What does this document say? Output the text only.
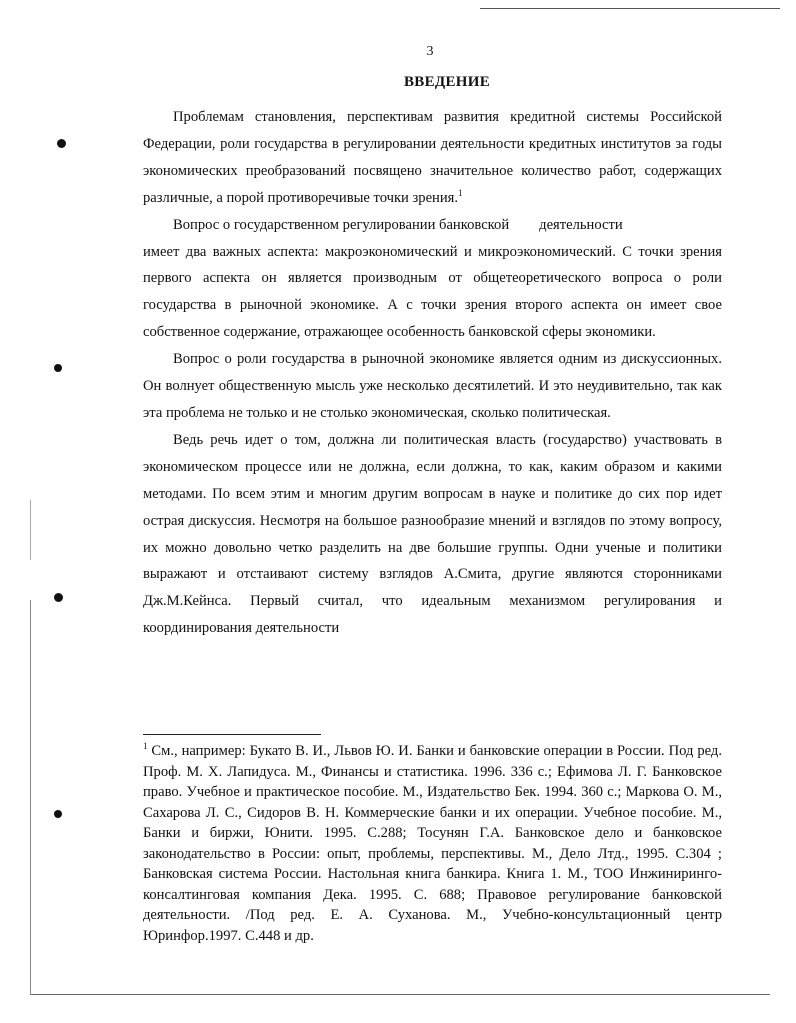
3
ВВЕДЕНИЕ

Проблемам становления, перспективам развития кредитной системы Российской Федерации, роли государства в регулировании деятельности кредитных институтов за годы экономических преобразований посвящено значительное количество работ, содержащих различные, а порой противоречивые точки зрения.$^1$

Вопрос о государственном регулировании банковской деятельности

имеет два важных аспекта: макроэкономический и микроэкономический. С точки зрения первого аспекта он является производным от общетеоретического вопроса о роли государства в рыночной экономике. А с точки зрения второго аспекта он имеет свое собственное содержание, отражающее особенность банковской сферы экономики.

Вопрос о роли государства в рыночной экономике является одним из дискуссионных. Он волнует общественную мысль уже несколько десятилетий. И это неудивительно, так как эта проблема не только и не столько экономическая, сколько политическая.

Ведь речь идет о том, должна ли политическая власть (государство) участвовать в экономическом процессе или не должна, если должна, то как, каким образом и какими методами. По всем этим и многим другим вопросам в науке и политике до сих пор идет острая дискуссия. Несмотря на большое разнообразие мнений и взглядов по этому вопросу, их можно довольно четко разделить на две большие группы. Одни ученые и политики выражают и отстаивают систему взглядов А.Смита, другие являются сторонниками Дж.М.Кейнса. Первый считал, что идеальным механизмом регулирования и координирования деятельности

$^1$ См., например: Букато В. И., Львов Ю. И. Банки и банковские операции в России. Под ред. Проф. М. Х. Лапидуса. М., Финансы и статистика. 1996. 336 с.; Ефимова Л. Г. Банковское право. Учебное и практическое пособие. М., Издательство Бек. 1994. 360 с.; Маркова О. М., Сахарова Л. С., Сидоров В. Н. Коммерческие банки и их операции. Учебное пособие. М., Банки и биржи, Юнити. 1995. С.288; Тосунян Г.А. Банковское дело и банковское законодательство в России: опыт, проблемы, перспективы. М., Дело Лтд., 1995. С.304 ; Банковская система России. Настольная книга банкира. Книга 1. М., ТОО Инжиниринго-консалтинговая компания Дека. 1995. С. 688; Правовое регулирование банковской деятельности. /Под ред. Е. А. Суханова. М., Учебно-консультационный центр Юринфор.1997. С.448 и др.
